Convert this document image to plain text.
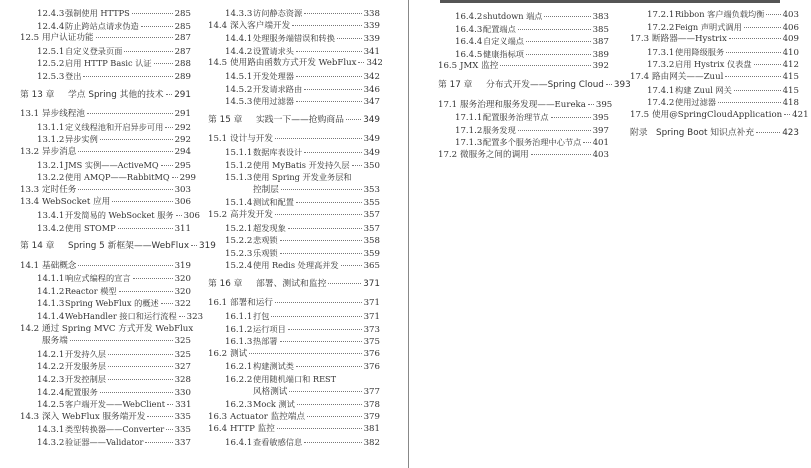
12.4.3 强制使用 HTTPS	285
12.4.4 防止跨站点请求伪造	285
12.5 用户认证功能	287
12.5.1 自定义登录页面	287
12.5.2 启用 HTTP Basic 认证	288
12.5.3 登出	289
第 13 章	学点 Spring 其他的技术 291
13.1 异步线程池	291
13.1.1 定义线程池和开启异步可用 292
13.1.2 异步实例	292
13.2 异步消息	294
13.2.1 JMS 实例——ActiveMQ 295
13.2.2 使用 AMQP——RabbitMQ 299
13.3 定时任务	303
13.4 WebSocket 应用	306
13.4.1 开发简易的 WebSocket 服务 306
13.4.2 使用 STOMP	311
第 14 章	Spring 5 新框架——WebFlux 319
14.1 基础概念	319
14.1.1 响应式编程的宣言	320
14.1.2 Reactor 模型	320
14.1.3 Spring WebFlux 的概述 322
14.1.4 WebHandler 接口和运行流程 323
14.2 通过 Spring MVC 方式开发 WebFlux
服务端	325
14.2.1 开发持久层	325
14.2.2 开发服务层	327
14.2.3 开发控制层	328
14.2.4 配置服务	330
14.2.5 客户端开发——WebClient 331
14.3 深入 WebFlux 服务端开发	335
14.3.1 类型转换器——Converter 335
14.3.2 验证器——Validator	337
14.3.3 访问静态资源	338
14.4 深入客户端开发	339
14.4.1 处理服务端错误和转换	339
14.4.2 设置请求头	341
14.5 使用路由函数方式开发 WebFlux 342
14.5.1 开发处理器	342
14.5.2 开发请求路由	346
14.5.3 使用过滤器	347
第 15 章	实践一下——抢购商品 349
15.1 设计与开发	349
15.1.1 数据库表设计	349
15.1.2 使用 MyBatis 开发持久层 350
15.1.3 使用 Spring 开发业务层和
控制层	353
15.1.4 测试和配置	355
15.2 高并发开发	357
15.2.1 超发现象	357
15.2.2 悲观锁	358
15.2.3 乐观锁	359
15.2.4 使用 Redis 处理高并发	365
第 16 章	部署、测试和监控	371
16.1 部署和运行	371
16.1.1 打包	371
16.1.2 运行项目	373
16.1.3 热部署	375
16.2 测试	376
16.2.1 构建测试类	376
16.2.2 使用随机端口和 REST
风格测试	377
16.2.3 Mock 测试	378
16.3 Actuator 监控端点	379
16.4 HTTP 监控	381
16.4.1 查看敏感信息	382
16.4.2 shutdown 端点	383
16.4.3 配置端点	385
16.4.4 自定义端点	387
16.4.5 健康指标项	389
16.5 JMX 监控	392
第 17 章	分布式开发——Spring Cloud 393
17.1 服务治理和服务发现——Eureka 395
17.1.1 配置服务治理节点	395
17.1.2 服务发现	397
17.1.3 配置多个服务治理中心节点 401
17.2 微服务之间的调用	403
17.2.1 Ribbon 客户端负载均衡 403
17.2.2 Feign 声明式调用	406
17.3 断路器——Hystrix	409
17.3.1 使用降级服务	410
17.3.2 启用 Hystrix 仪表盘	412
17.4 路由网关——Zuul	415
17.4.1 构建 Zuul 网关	415
17.4.2 使用过滤器	418
17.5 使用@SpringCloudApplication 421
附录 Spring Boot 知识点补充	423
